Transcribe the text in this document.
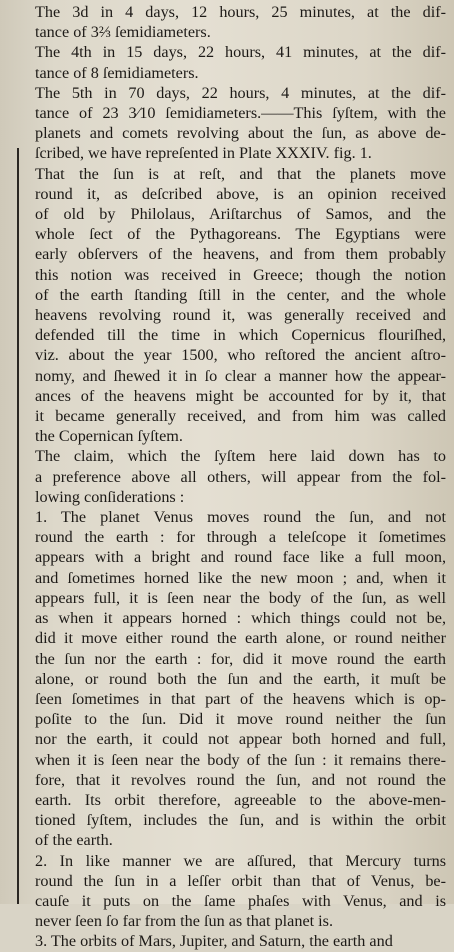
The 3d in 4 days, 12 hours, 25 minutes, at the dif-
tance of 3⅔ ſemidiameters.

The 4th in 15 days, 22 hours, 41 minutes, at the dif-
tance of 8 ſemidiameters.

The 5th in 70 days, 22 hours, 4 minutes, at the dif-
tance of 23 3⁄10 ſemidiameters.——This ſyſtem, with the
planets and comets revolving about the ſun, as above de-
ſcribed, we have repreſented in Plate XXXIV. fig. 1.

That the ſun is at reſt, and that the planets move
round it, as deſcribed above, is an opinion received
of old by Philolaus, Ariſtarchus of Samos, and the
whole ſect of the Pythagoreans. The Egyptians were
early obſervers of the heavens, and from them probably
this notion was received in Greece; though the notion
of the earth ſtanding ſtill in the center, and the whole
heavens revolving round it, was generally received and
defended till the time in which Copernicus flouriſhed,
viz. about the year 1500, who reſtored the ancient aſtro-
nomy, and ſhewed it in ſo clear a manner how the appear-
ances of the heavens might be accounted for by it, that
it became generally received, and from him was called
the Copernican ſyſtem.

The claim, which the ſyſtem here laid down has to
a preference above all others, will appear from the fol-
lowing conſiderations :

1. The planet Venus moves round the ſun, and not
round the earth : for through a teleſcope it ſometimes
appears with a bright and round face like a full moon,
and ſometimes horned like the new moon ; and, when it
appears full, it is ſeen near the body of the ſun, as well
as when it appears horned : which things could not be,
did it move either round the earth alone, or round neither
the ſun nor the earth : for, did it move round the earth
alone, or round both the ſun and the earth, it muſt be
ſeen ſometimes in that part of the heavens which is op-
poſite to the ſun. Did it move round neither the ſun
nor the earth, it could not appear both horned and full,
when it is ſeen near the body of the ſun : it remains there-
fore, that it revolves round the ſun, and not round the
earth. Its orbit therefore, agreeable to the above-men-
tioned ſyſtem, includes the ſun, and is within the orbit
of the earth.

2. In like manner we are aſſured, that Mercury turns
round the ſun in a leſſer orbit than that of Venus, be-
cauſe it puts on the ſame phaſes with Venus, and is
never ſeen ſo far from the ſun as that planet is.

3. The orbits of Mars, Jupiter, and Saturn, the earth and
